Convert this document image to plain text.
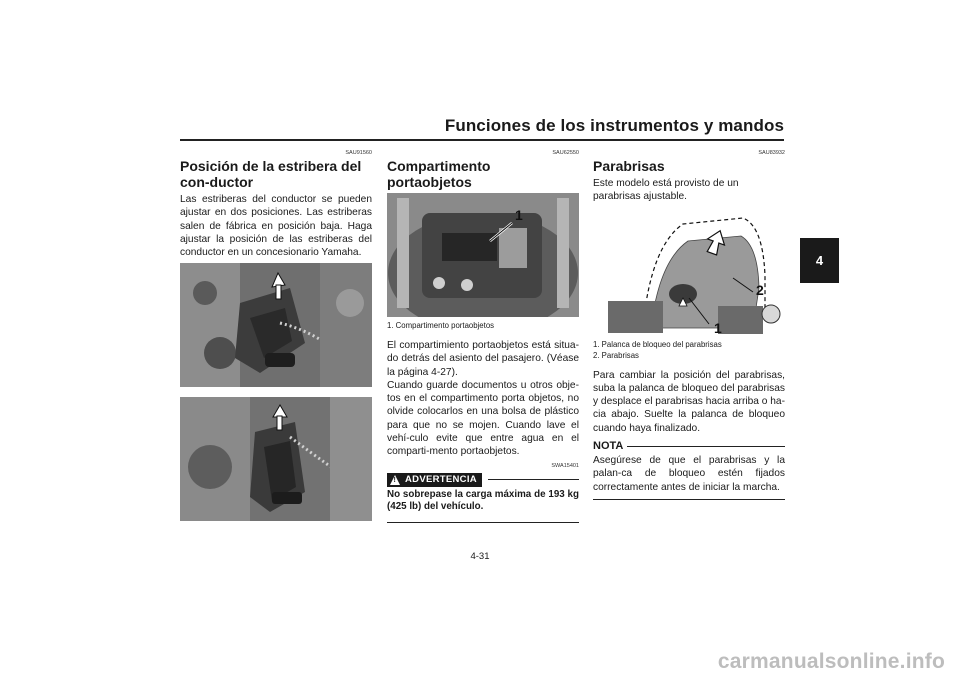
Funciones de los instrumentos y mandos
4
SAU91560
Posición de la estribera del con-ductor

Las estriberas del conductor se pueden ajustar en dos posiciones. Las estriberas salen de fábrica en posición baja. Haga ajustar la posición de las estriberas del conductor en un concesionario Yamaha.

SAU62550
Compartimento portaobjetos
1
1. Compartimento portaobjetos

El compartimiento portaobjetos está situa-do detrás del asiento del pasajero. (Véase la página 4-27).
Cuando guarde documentos u otros obje-tos en el compartimento porta objetos, no olvide colocarlos en una bolsa de plástico para que no se mojen. Cuando lave el vehí-culo evite que entre agua en el comparti-mento portaobjetos.

SWA15401
! ADVERTENCIA
No sobrepase la carga máxima de 193 kg (425 lb) del vehículo.
SAU83932
Parabrisas

Este modelo está provisto de un parabrisas ajustable.

2
1
1. Palanca de bloqueo del parabrisas
2. Parabrisas

Para cambiar la posición del parabrisas, suba la palanca de bloqueo del parabrisas y desplace el parabrisas hacia arriba o ha-cia abajo. Suelte la palanca de bloqueo cuando haya finalizado.

NOTA

Asegúrese de que el parabrisas y la palan-ca de bloqueo estén fijados correctamente antes de iniciar la marcha.

4-31
carmanualsonline.info
